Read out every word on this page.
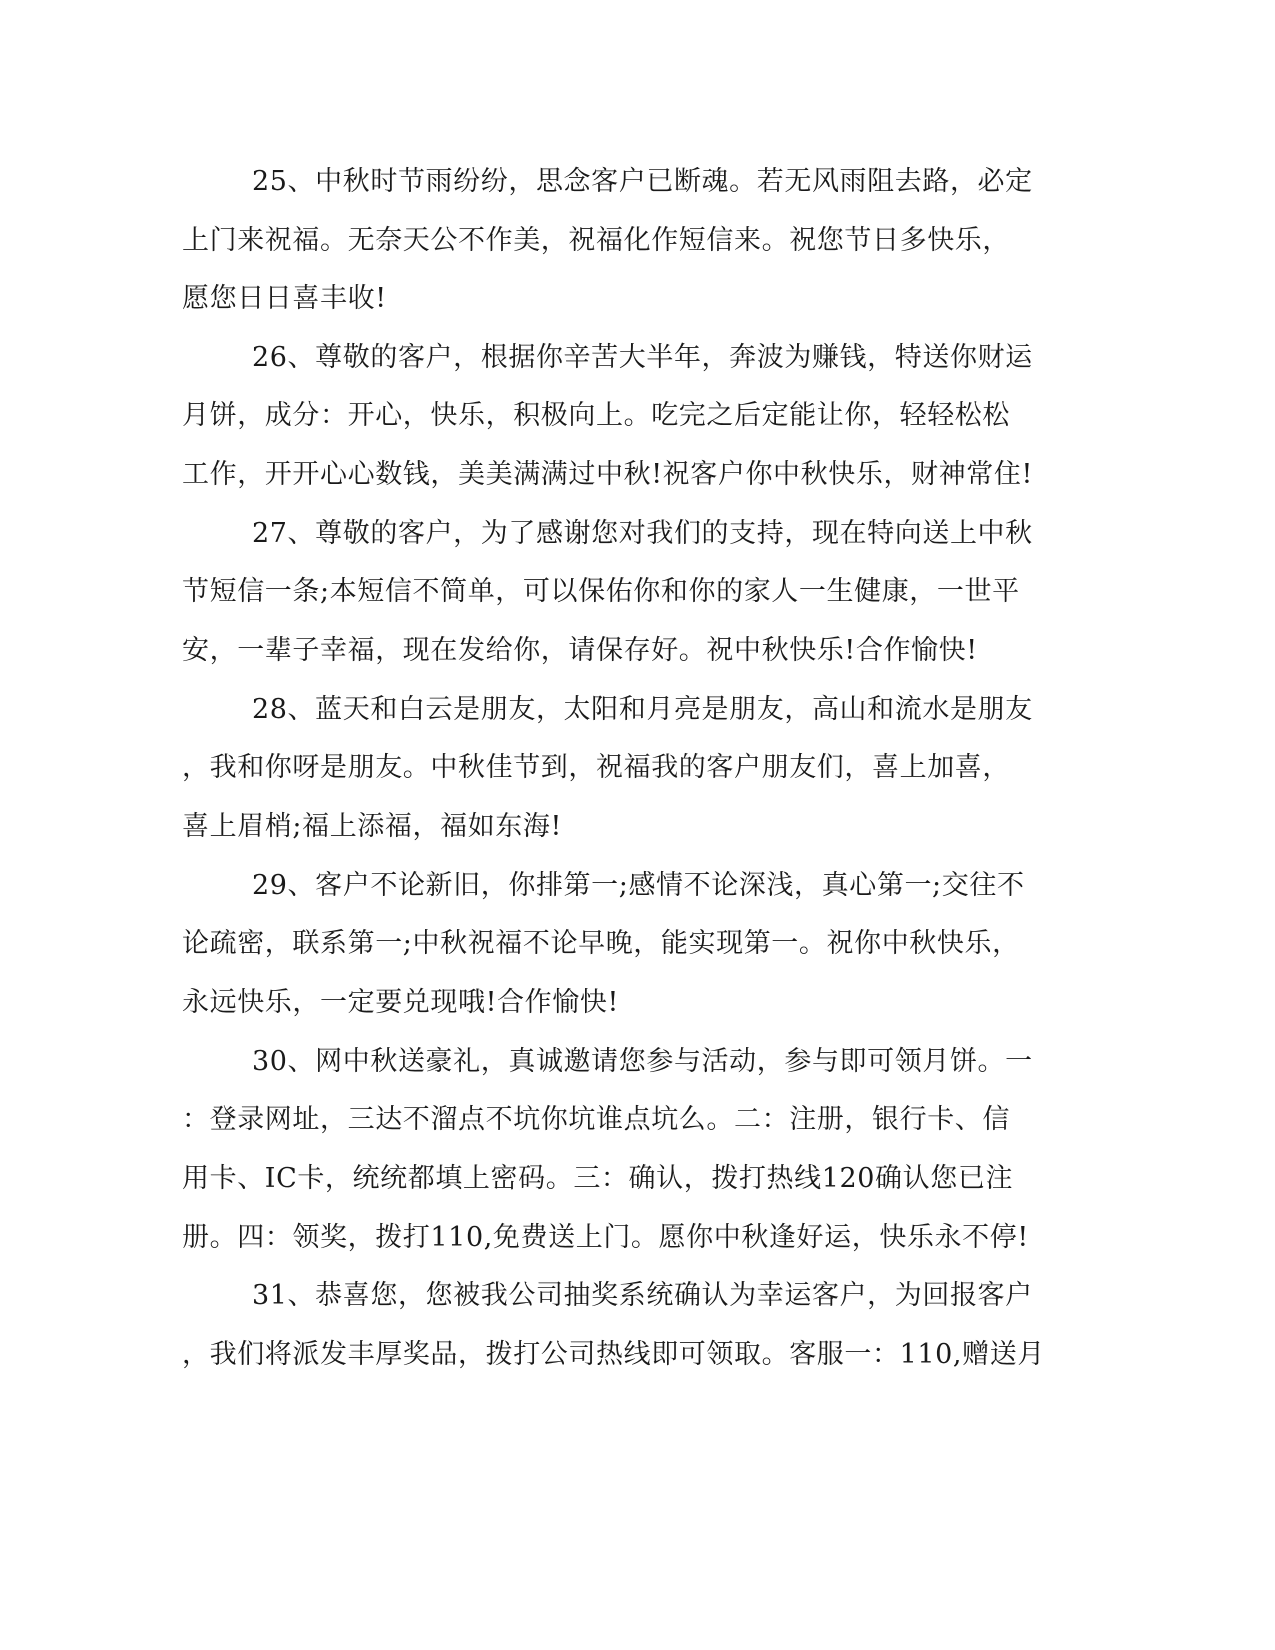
25、中秋时节雨纷纷，思念客户已断魂。若无风雨阻去路，必定
上门来祝福。无奈天公不作美，祝福化作短信来。祝您节日多快乐，
愿您日日喜丰收!
26、尊敬的客户，根据你辛苦大半年，奔波为赚钱，特送你财运
月饼，成分：开心，快乐，积极向上。吃完之后定能让你，轻轻松松
工作，开开心心数钱，美美满满过中秋!祝客户你中秋快乐，财神常住!
27、尊敬的客户，为了感谢您对我们的支持，现在特向送上中秋
节短信一条;本短信不简单，可以保佑你和你的家人一生健康，一世平
安，一辈子幸福，现在发给你，请保存好。祝中秋快乐!合作愉快!
28、蓝天和白云是朋友，太阳和月亮是朋友，高山和流水是朋友
，我和你呀是朋友。中秋佳节到，祝福我的客户朋友们，喜上加喜，
喜上眉梢;福上添福，福如东海!
29、客户不论新旧，你排第一;感情不论深浅，真心第一;交往不
论疏密，联系第一;中秋祝福不论早晚，能实现第一。祝你中秋快乐，
永远快乐，一定要兑现哦!合作愉快!
30、网中秋送豪礼，真诚邀请您参与活动，参与即可领月饼。一
：登录网址，三达不溜点不坑你坑谁点坑么。二：注册，银行卡、信
用卡、IC卡，统统都填上密码。三：确认，拨打热线120确认您已注
册。四：领奖，拨打110,免费送上门。愿你中秋逢好运，快乐永不停!
31、恭喜您，您被我公司抽奖系统确认为幸运客户，为回报客户
，我们将派发丰厚奖品，拨打公司热线即可领取。客服一：110,赠送月
